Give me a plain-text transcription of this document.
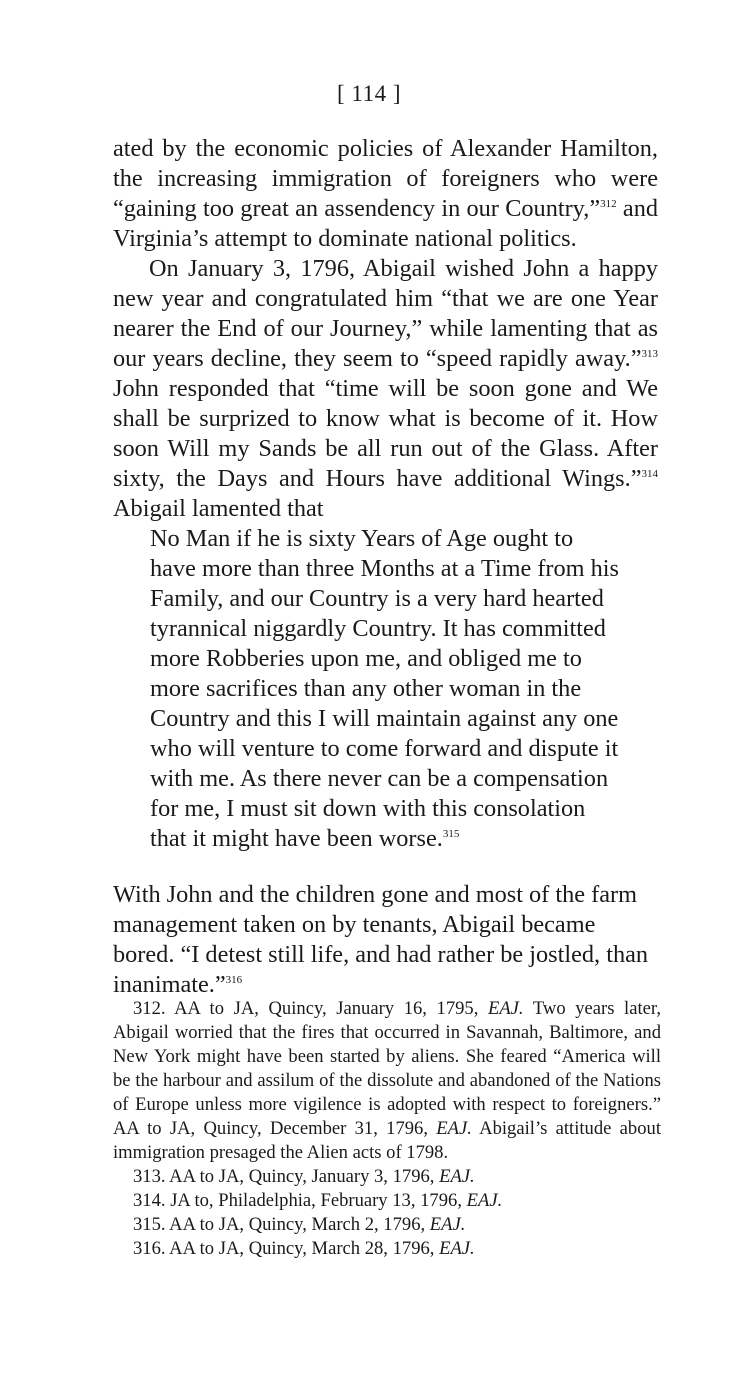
[ 114 ]

ated by the economic policies of Alexander Hamilton, the increasing immigration of foreigners who were “gaining too great an assendency in our Country,”$^{312}$ and Virginia’s attempt to dominate national politics.

On January 3, 1796, Abigail wished John a happy new year and congratulated him “that we are one Year nearer the End of our Journey,” while lamenting that as our years decline, they seem to “speed rapidly away.”$^{313}$ John responded that “time will be soon gone and We shall be surprized to know what is become of it. How soon Will my Sands be all run out of the Glass. After sixty, the Days and Hours have additional Wings.”$^{314}$ Abigail lamented that

No Man if he is sixty Years of Age ought to have more than three Months at a Time from his Family, and our Country is a very hard hearted tyrannical niggardly Country. It has committed more Robberies upon me, and obliged me to more sacrifices than any other woman in the Country and this I will maintain against any one who will venture to come forward and dispute it with me. As there never can be a compensation for me, I must sit down with this consolation that it might have been worse.$^{315}$

With John and the children gone and most of the farm management taken on by tenants, Abigail became bored. “I detest still life, and had rather be jostled, than inanimate.”$^{316}$

312. AA to JA, Quincy, January 16, 1795, EAJ. Two years later, Abigail worried that the fires that occurred in Savannah, Baltimore, and New York might have been started by aliens. She feared “America will be the harbour and assilum of the dissolute and abandoned of the Nations of Europe unless more vigilence is adopted with respect to foreigners.” AA to JA, Quincy, December 31, 1796, EAJ. Abigail’s attitude about immigration presaged the Alien acts of 1798.

313. AA to JA, Quincy, January 3, 1796, EAJ.

314. JA to, Philadelphia, February 13, 1796, EAJ.

315. AA to JA, Quincy, March 2, 1796, EAJ.

316. AA to JA, Quincy, March 28, 1796, EAJ.
